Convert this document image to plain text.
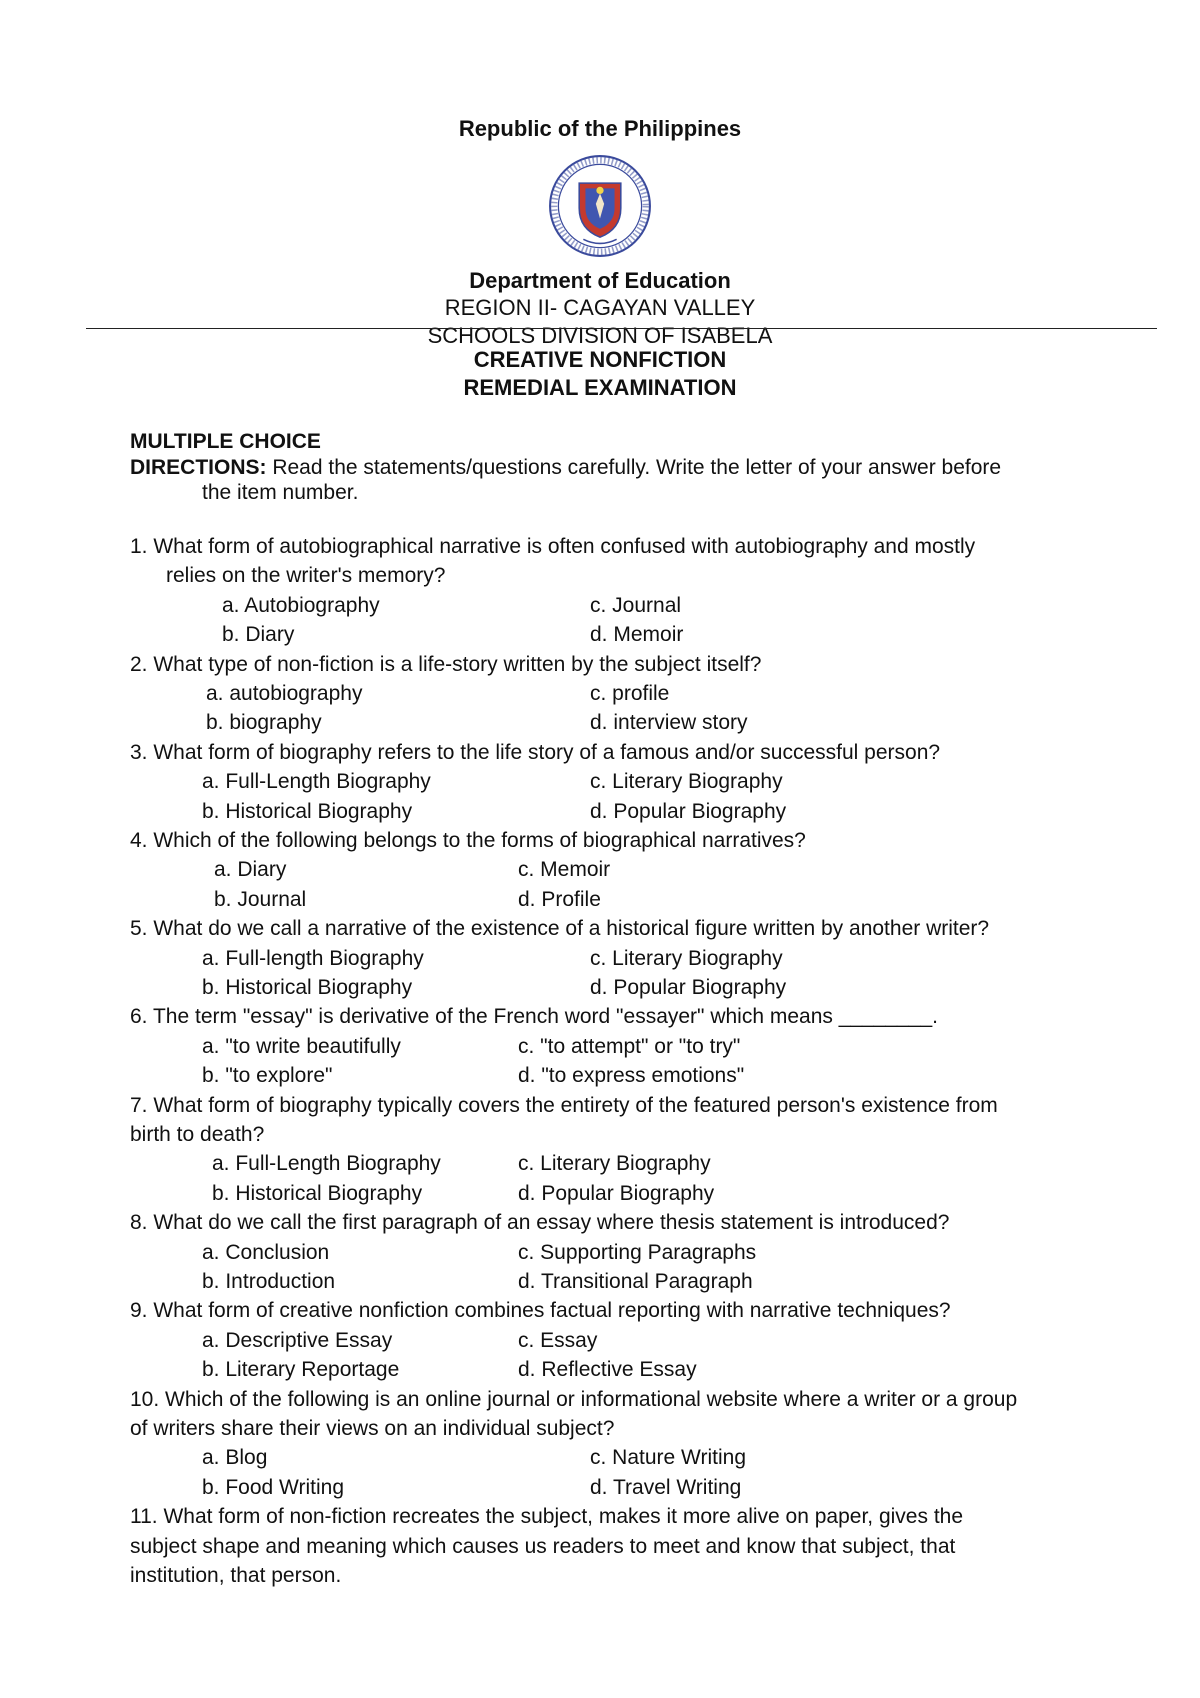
Republic of the Philippines
Department of Education
REGION II- CAGAYAN VALLEY
SCHOOLS DIVISION OF ISABELA
CREATIVE NONFICTION
REMEDIAL EXAMINATION
MULTIPLE CHOICE
DIRECTIONS: Read the statements/questions carefully. Write the letter of your answer before
the item number.
1. What form of autobiographical narrative is often confused with autobiography and mostly
relies on the writer's memory?
a. Autobiography
b. Diary
c. Journal
d. Memoir
2. What type of non-fiction is a life-story written by the subject itself?
a. autobiography
b. biography
c. profile
d. interview story
3. What form of biography refers to the life story of a famous and/or successful person?
a. Full-Length Biography
b. Historical Biography
c. Literary Biography
d. Popular Biography
4. Which of the following belongs to the forms of biographical narratives?
a. Diary
b. Journal
c. Memoir
d. Profile
5. What do we call a narrative of the existence of a historical figure written by another writer?
a. Full-length Biography
b. Historical Biography
c. Literary Biography
d. Popular Biography
6. The term "essay" is derivative of the French word "essayer" which means ________.
a. "to write beautifully
b. "to explore"
c. "to attempt" or "to try"
d. "to express emotions"
7. What form of biography typically covers the entirety of the featured person's existence from
birth to death?
a. Full-Length Biography
b. Historical Biography
c. Literary Biography
d. Popular Biography
8. What do we call the first paragraph of an essay where thesis statement is introduced?
a. Conclusion
b. Introduction
c. Supporting Paragraphs
d. Transitional Paragraph
9. What form of creative nonfiction combines factual reporting with narrative techniques?
a. Descriptive Essay
b. Literary Reportage
c. Essay
d. Reflective Essay
10. Which of the following is an online journal or informational website where a writer or a group
of writers share their views on an individual subject?
a. Blog
b. Food Writing
c. Nature Writing
d. Travel Writing
11. What form of non-fiction recreates the subject, makes it more alive on paper, gives the
subject shape and meaning which causes us readers to meet and know that subject, that
institution, that person.
